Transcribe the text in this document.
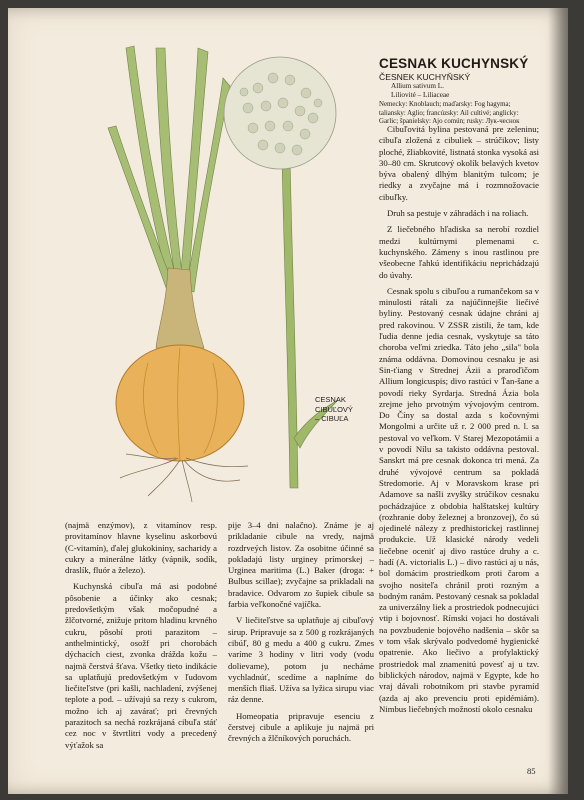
CESNAK
CIBUĽOVÝ
– CIBUĽA
CESNAK KUCHYNSKÝ
ČESNEK KUCHYŇSKÝ
Allium sativum L.
Liliovité – Liliaceae
Nemecky: Knoblauch; maďarsky: Fog hagyma; taliansky: Aglio; francúzsky: Ail cultivé; anglicky: Garlic; španielsky: Ajo común; rusky: Лук-чеснок

Cibuľovitá bylina pestovaná pre zeleninu; cibuľa zložená z cibuliek – strúčikov; listy ploché, žliabkovité, listnatá stonka vysoká asi 30–80 cm. Skrutcový okolík belavých kvetov býva obalený dlhým blanitým tulcom; je riedky a zvyčajne má i rozmnožovacie cibuľky.

Druh sa pestuje v záhradách i na roliach.

Z liečebného hľadiska sa nerobí rozdiel medzi kultúrnymi plemenami c. kuchynského. Zámeny s inou rastlinou pre všeobecne ľahkú identifikáciu neprichádzajú do úvahy.

Cesnak spolu s cibuľou a rumančekom sa v minulosti rátali za najúčinnejšie liečivé byliny. Pestovaný cesnak údajne chráni aj pred rakovinou. V ZSSR zistili, že tam, kde ľudia denne jedia cesnak, vyskytuje sa táto choroba veľmi zriedka. Táto jeho „sila" bola známa oddávna. Domovinou cesnaku je asi Sin-ťiang v Strednej Ázii a praroďičom Allium longicuspis; divo rastúci v Ťan-šane a povodí rieky Syrdarja. Stredná Ázia bola zrejme jeho prvotným vývojovým centrom. Do Číny sa dostal azda s kočovnými Mongolmi a určite už r. 2 000 pred n. l. sa pestoval vo veľkom. V Starej Mezopotámii a v povodí Nílu sa takisto oddávna pestoval. Sanskrt má pre cesnak dokonca tri mená. Za druhé vývojové centrum sa pokladá Stredomorie. Aj v Moravskom krase pri Adamove sa našli zvyšky strúčikov cesnaku pochádzajúce z obdobia halštatskej kultúry (rozhranie doby železnej a bronzovej), čo sú ojedinelé nálezy z predhistorickej rastlinnej produkcie. Už klasické národy vedeli liečebne oceniť aj divo rastúce druhy a c. hadí (A. victorialis L.) – divo rastúci aj u nás, bol domácim prostriedkom proti čarom a svojho nositeľa chránil proti rozným a bodným ranám. Pestovaný cesnak sa pokladal za univerzálny liek a prostriedok podnecujúci vtip i bojovnosť. Rímski vojaci ho dostávali na povzbudenie bojového nadšenia – skôr sa v tom však skrývalo podvedomé hygienické opatrenie. Ako liečivo a profylaktický prostriedok mal znamenitú povesť aj u tzv. biblických národov, najmä v Egypte, kde ho vraj dávali robotníkom pri stavbe pyramíd (azda aj ako prevenciu proti epidémiám). Nimbus liečebných možností okolo cesnaku

(najmä enzýmov), z vitamínov resp. provitamínov hlavne kyselinu askorbovú (C-vitamín), ďalej glukokiníny, sacharidy a cukry a minerálne látky (vápnik, sodík, draslík, fluór a železo).

Kuchynská cibuľa má asi podobné pôsobenie a účinky ako cesnak; predovšetkým však močopudné a žlčotvorné, znižuje pritom hladinu krvného cukru, pôsobí proti parazitom – anthelmintický, osožf pri chorobách dýchacích ciest, zvonka drážda kožu – najmä čerstvá šťava. Všetky tieto indikácie sa uplatňujú predovšetkým v ľudovom liečiteľstve (pri kašli, nachladení, zvýšenej teplote a pod. – užívajú sa rezy s cukrom, možno ich aj zavárať; pri črevných parazitoch sa nechá rozkrájaná cibuľa stáť cez noc v štvrtlitri vody a precedený výťažok sa

pije 3–4 dni nalačno). Známe je aj prikladanie cibule na vredy, najmä rozdrveých listov. Za osobitne účinné sa pokladajú listy urginey prímorskej – Urginea maritima (L.) Baker (droga: + Bulbus scillae); zvyčajne sa prikladali na bradavice. Odvarom zo šupiek cibule sa farbia veľkonočné vajíčka.

V liečiteľstve sa uplatňuje aj cibuľový sirup. Pripravuje sa z 500 g rozkrájaných cibúľ, 80 g medu a 400 g cukru. Zmes varíme 3 hodiny v litri vody (vodu dolievame), potom ju necháme vychladnúť, scedíme a naplníme do menších fliaš. Užíva sa lyžica sirupu viac ráz denne.

Homeopatia pripravuje esenciu z čerstvej cibule a aplikuje ju najmä pri črevných a žlčníkových poruchách.

85
